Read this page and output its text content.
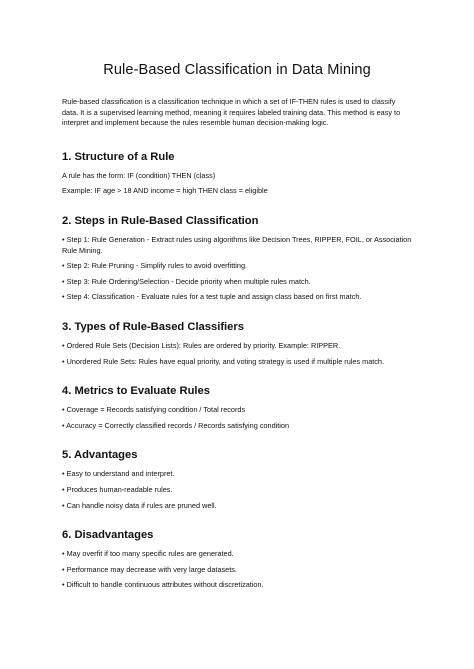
Rule-Based Classification in Data Mining

Rule-based classification is a classification technique in which a set of IF-THEN rules is used to classify data. It is a supervised learning method, meaning it requires labeled training data. This method is easy to interpret and implement because the rules resemble human decision-making logic.

1. Structure of a Rule

A rule has the form: IF (condition) THEN (class)

Example: IF age > 18 AND income = high THEN class = eligible

2. Steps in Rule-Based Classification

• Step 1: Rule Generation - Extract rules using algorithms like Decision Trees, RIPPER, FOIL, or Association Rule Mining.

• Step 2: Rule Pruning - Simplify rules to avoid overfitting.

• Step 3: Rule Ordering/Selection - Decide priority when multiple rules match.

• Step 4: Classification - Evaluate rules for a test tuple and assign class based on first match.

3. Types of Rule-Based Classifiers

• Ordered Rule Sets (Decision Lists): Rules are ordered by priority. Example: RIPPER.

• Unordered Rule Sets: Rules have equal priority, and voting strategy is used if multiple rules match.

4. Metrics to Evaluate Rules

• Coverage = Records satisfying condition / Total records

• Accuracy = Correctly classified records / Records satisfying condition

5. Advantages

• Easy to understand and interpret.

• Produces human-readable rules.

• Can handle noisy data if rules are pruned well.

6. Disadvantages

• May overfit if too many specific rules are generated.

• Performance may decrease with very large datasets.

• Difficult to handle continuous attributes without discretization.
